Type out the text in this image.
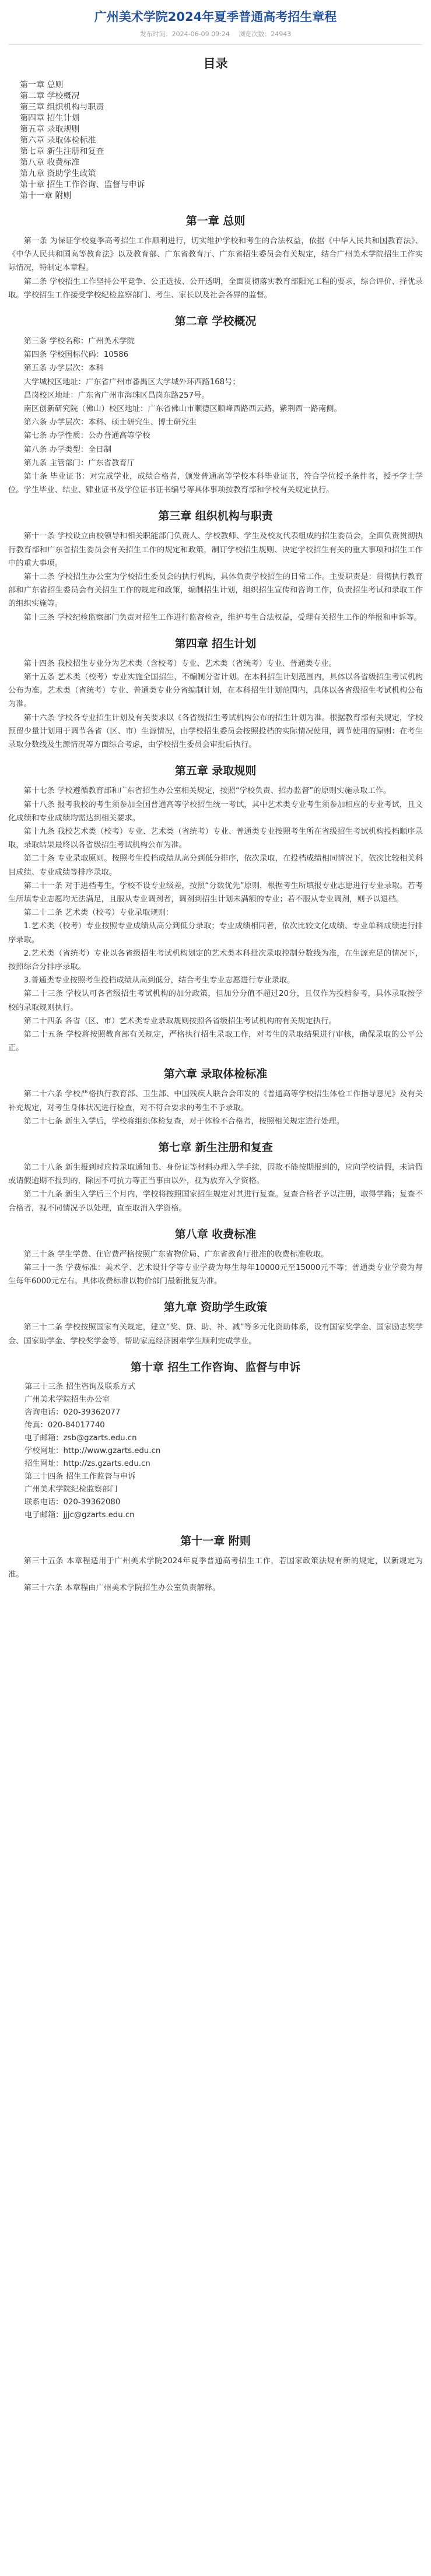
广州美术学院2024年夏季普通高考招生章程
发布时间：2024-06-09 09:24 浏览次数：24943
目录
第一章 总则
第二章 学校概况
第三章 组织机构与职责
第四章 招生计划
第五章 录取规则
第六章 录取体检标准
第七章 新生注册和复查
第八章 收费标准
第九章 资助学生政策
第十章 招生工作咨询、监督与申诉
第十一章 附则
第一章 总则

第一条 为保证学校夏季高考招生工作顺利进行，切实维护学校和考生的合法权益，依据《中华人民共和国教育法》、《中华人民共和国高等教育法》以及教育部、广东省教育厅、广东省招生委员会有关规定，结合广州美术学院招生工作实际情况，特制定本章程。

第二条 学校招生工作坚持公平竞争、公正选拔、公开透明，全面贯彻落实教育部阳光工程的要求，综合评价、择优录取。学校招生工作接受学校纪检监察部门、考生、家长以及社会各界的监督。

第二章 学校概况

第三条 学校名称：广州美术学院

第四条 学校国标代码：10586

第五条 办学层次：本科

大学城校区地址：广东省广州市番禺区大学城外环西路168号；

昌岗校区地址：广东省广州市海珠区昌岗东路257号。

南区创新研究院（佛山）校区地址：广东省佛山市顺德区顺峰西路西云路，紫荆西一路南侧。

第六条 办学层次：本科、硕士研究生、博士研究生

第七条 办学性质：公办普通高等学校

第八条 办学类型：全日制

第九条 主管部门：广东省教育厅

第十条 毕业证书：对完成学业，成绩合格者，颁发普通高等学校本科毕业证书，符合学位授予条件者，授予学士学位。学生毕业、结业、肄业证书及学位证书证书编号等具体事项按教育部和学校有关规定执行。

第三章 组织机构与职责

第十一条 学校设立由校领导和相关职能部门负责人、学校教师、学生及校友代表组成的招生委员会，全面负责贯彻执行教育部和广东省招生委员会有关招生工作的规定和政策，制订学校招生规则、决定学校招生有关的重大事项和招生工作中的重大事项。

第十二条 学校招生办公室为学校招生委员会的执行机构，具体负责学校招生的日常工作。主要职责是：贯彻执行教育部和广东省招生委员会有关招生工作的规定和政策，编制招生计划，组织招生宣传和咨询工作，负责招生考试和录取工作的组织实施等。

第十三条 学校纪检监察部门负责对招生工作进行监督检查，维护考生合法权益，受理有关招生工作的举报和申诉等。

第四章 招生计划

第十四条 我校招生专业分为艺术类（含校考）专业、艺术类（省统考）专业、普通类专业。

第十五条 艺术类（校考）专业实施全国招生，不编制分省计划。在本科招生计划范围内，具体以各省级招生考试机构公布为准。艺术类（省统考）专业、普通类专业分省编制计划，在本科招生计划范围内，具体以各省级招生考试机构公布为准。

第十六条 学校各专业招生计划及有关要求以《各省级招生考试机构公布的招生计划为准。根据教育部有关规定，学校预留少量计划用于调节各省（区、市）生源情况，由学校招生委员会按照投档的实际情况使用，调节使用的原则：在考生录取分数线及生源情况等方面综合考虑，由学校招生委员会审批后执行。

第五章 录取规则

第十七条 学校遵循教育部和广东省招生办公室相关规定，按照“学校负责、招办监督”的原则实施录取工作。

第十八条 报考我校的考生须参加全国普通高等学校招生统一考试，其中艺术类专业考生须参加相应的专业考试，且文化成绩和专业成绩均需达到相关要求。

第十九条 我校艺术类（校考）专业、艺术类（省统考）专业、普通类专业按照考生所在省级招生考试机构投档顺序录取，录取结果最终以各省级招生考试机构公布为准。

第二十条 专业录取原则。按照考生投档成绩从高分到低分排序，依次录取，在投档成绩相同情况下，依次比较相关科目成绩、专业成绩等排序录取。

第二十一条 对于进档考生，学校不设专业级差，按照“分数优先”原则，根据考生所填报专业志愿进行专业录取。若考生所填专业志愿均无法满足，且服从专业调剂者，调剂到招生计划未满额的专业；若不服从专业调剂，则予以退档。

第二十二条 艺术类（校考）专业录取规则：

1.艺术类（校考）专业按照专业成绩从高分到低分录取；专业成绩相同者，依次比较文化成绩、专业单科成绩进行排序录取。

2.艺术类（省统考）专业以各省级招生考试机构划定的艺术类本科批次录取控制分数线为准，在生源充足的情况下，按照综合分排序录取。

3.普通类专业按照考生投档成绩从高到低分，结合考生专业志愿进行专业录取。

第二十三条 学校认可各省级招生考试机构的加分政策，但加分分值不超过20分，且仅作为投档参考，具体录取按学校的录取规则执行。

第二十四条 各省（区、市）艺术类专业录取规则按照各省级招生考试机构的有关规定执行。

第二十五条 学校将按照教育部有关规定，严格执行招生录取工作，对考生的录取结果进行审核，确保录取的公平公正。

第六章 录取体检标准

第二十六条 学校严格执行教育部、卫生部、中国残疾人联合会印发的《普通高等学校招生体检工作指导意见》及有关补充规定，对考生身体状况进行检查，对不符合要求的考生不予录取。

第二十七条 新生入学后，学校将组织体检复查，对于体检不合格者，按照相关规定进行处理。

第七章 新生注册和复查

第二十八条 新生报到时应持录取通知书、身份证等材料办理入学手续，因故不能按期报到的，应向学校请假，未请假或请假逾期不报到的，除因不可抗力等正当事由以外，视为放弃入学资格。

第二十九条 新生入学后三个月内，学校将按照国家招生规定对其进行复查。复查合格者予以注册，取得学籍；复查不合格者，视不同情况予以处理，直至取消入学资格。

第八章 收费标准

第三十条 学生学费、住宿费严格按照广东省物价局、广东省教育厅批准的收费标准收取。

第三十一条 学费标准：美术学、艺术设计学等专业学费为每生每年10000元至15000元不等；普通类专业学费为每生每年6000元左右。具体收费标准以物价部门最新批复为准。

第九章 资助学生政策

第三十二条 学校按照国家有关规定，建立“奖、贷、助、补、减”等多元化资助体系，设有国家奖学金、国家励志奖学金、国家助学金、学校奖学金等，帮助家庭经济困难学生顺利完成学业。

第十章 招生工作咨询、监督与申诉

第三十三条 招生咨询及联系方式

广州美术学院招生办公室

咨询电话：020-39362077

传真：020-84017740

电子邮箱：zsb@gzarts.edu.cn

学校网址：http://www.gzarts.edu.cn

招生网址：http://zs.gzarts.edu.cn

第三十四条 招生工作监督与申诉

广州美术学院纪检监察部门

联系电话：020-39362080

电子邮箱：jjjc@gzarts.edu.cn

第十一章 附则

第三十五条 本章程适用于广州美术学院2024年夏季普通高考招生工作，若国家政策法规有新的规定，以新规定为准。

第三十六条 本章程由广州美术学院招生办公室负责解释。
